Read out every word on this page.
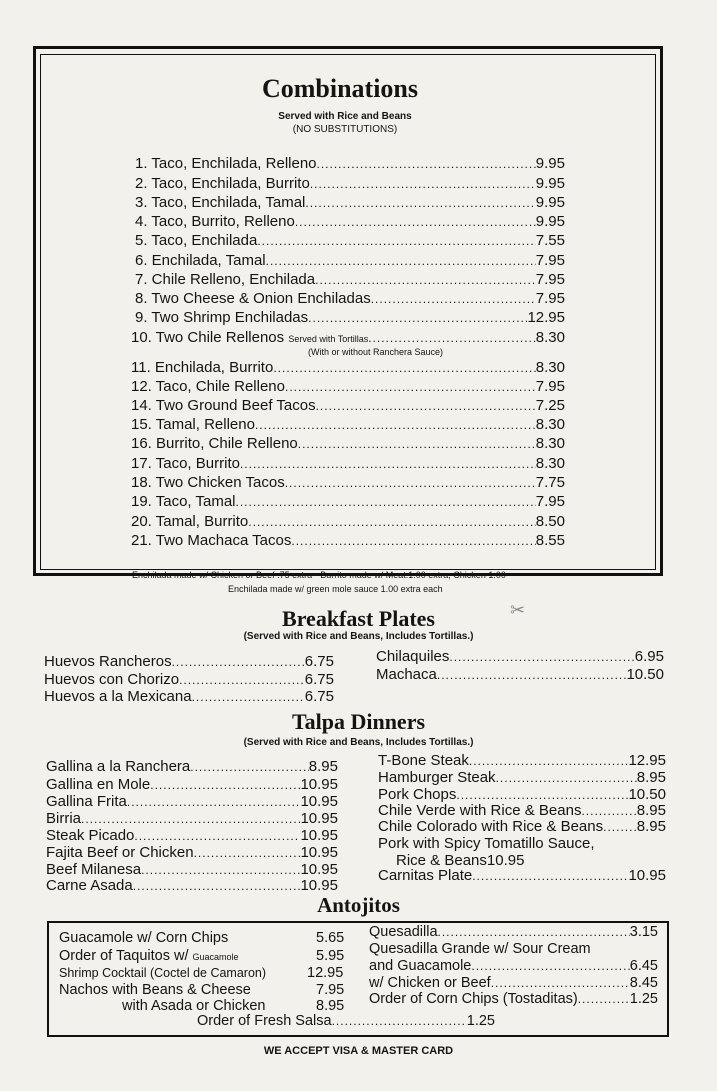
Combinations
Served with Rice and Beans
(NO SUBSTITUTIONS)
1. Taco, Enchilada, Relleno .....	9.95
2. Taco, Enchilada, Burrito .....	9.95
3. Taco, Enchilada, Tamal .....	9.95
4. Taco, Burrito, Relleno .....	9.95
5. Taco, Enchilada .....	7.55
6. Enchilada, Tamal .....	7.95
7. Chile Relleno, Enchilada .....	7.95
8. Two Cheese & Onion Enchiladas .....	7.95
9. Two Shrimp Enchiladas .....	12.95
10. Two Chile Rellenos Served with Tortillas .....	8.30
11. Enchilada, Burrito .....	8.30
12. Taco, Chile Relleno .....	7.95
14. Two Ground Beef Tacos .....	7.25
15. Tamal, Relleno .....	8.30
16. Burrito, Chile Relleno .....	8.30
17. Taco, Burrito .....	8.30
18. Two Chicken Tacos .....	7.75
19. Taco, Tamal .....	7.95
20. Tamal, Burrito .....	8.50
21. Two Machaca Tacos .....	8.55
(With or without Ranchera Sauce)
Enchilada made w/ Chicken or Beef .75 extra • Burrito made w/ Meat.1.00 extra, Chicken 1.00
Enchilada made w/ green mole sauce 1.00 extra each
✂
Breakfast Plates
(Served with Rice and Beans, Includes Tortillas.)
Huevos Rancheros .....	6.75
Huevos con Chorizo .....	6.75
Huevos a la Mexicana .....	6.75
Chilaquiles .....	6.95
Machaca .....	10.50
Talpa Dinners
(Served with Rice and Beans, Includes Tortillas.)
Gallina a la Ranchera .....	8.95
Gallina en Mole .....	10.95
Gallina Frita .....	10.95
Birria .....	10.95
Steak Picado .....	10.95
Fajita Beef or Chicken .....	10.95
Beef Milanesa .....	10.95
Carne Asada .....	10.95
T-Bone Steak .....	12.95
Hamburger Steak .....	8.95
Pork Chops .....	10.50
Chile Verde with Rice & Beans .....	8.95
Chile Colorado with Rice & Beans ..... 8.95
Pork with Spicy Tomatillo Sauce,
Rice & Beans 10.95
Carnitas Plate .....	10.95
Antojitos
Guacamole w/ Corn Chips	5.65
Order of Taquitos w/ Guacamole	5.95
Shrimp Cocktail (Coctel de Camaron)	12.95
Nachos with Beans & Cheese	7.95
with Asada or Chicken	8.95
Quesadilla .....	3.15
Quesadilla Grande w/ Sour Cream
and Guacamole .....	6.45
w/ Chicken or Beef .....	8.45
Order of Corn Chips (Tostaditas) .....	1.25
Order of Fresh Salsa .....	1.25
WE ACCEPT VISA & MASTER CARD
